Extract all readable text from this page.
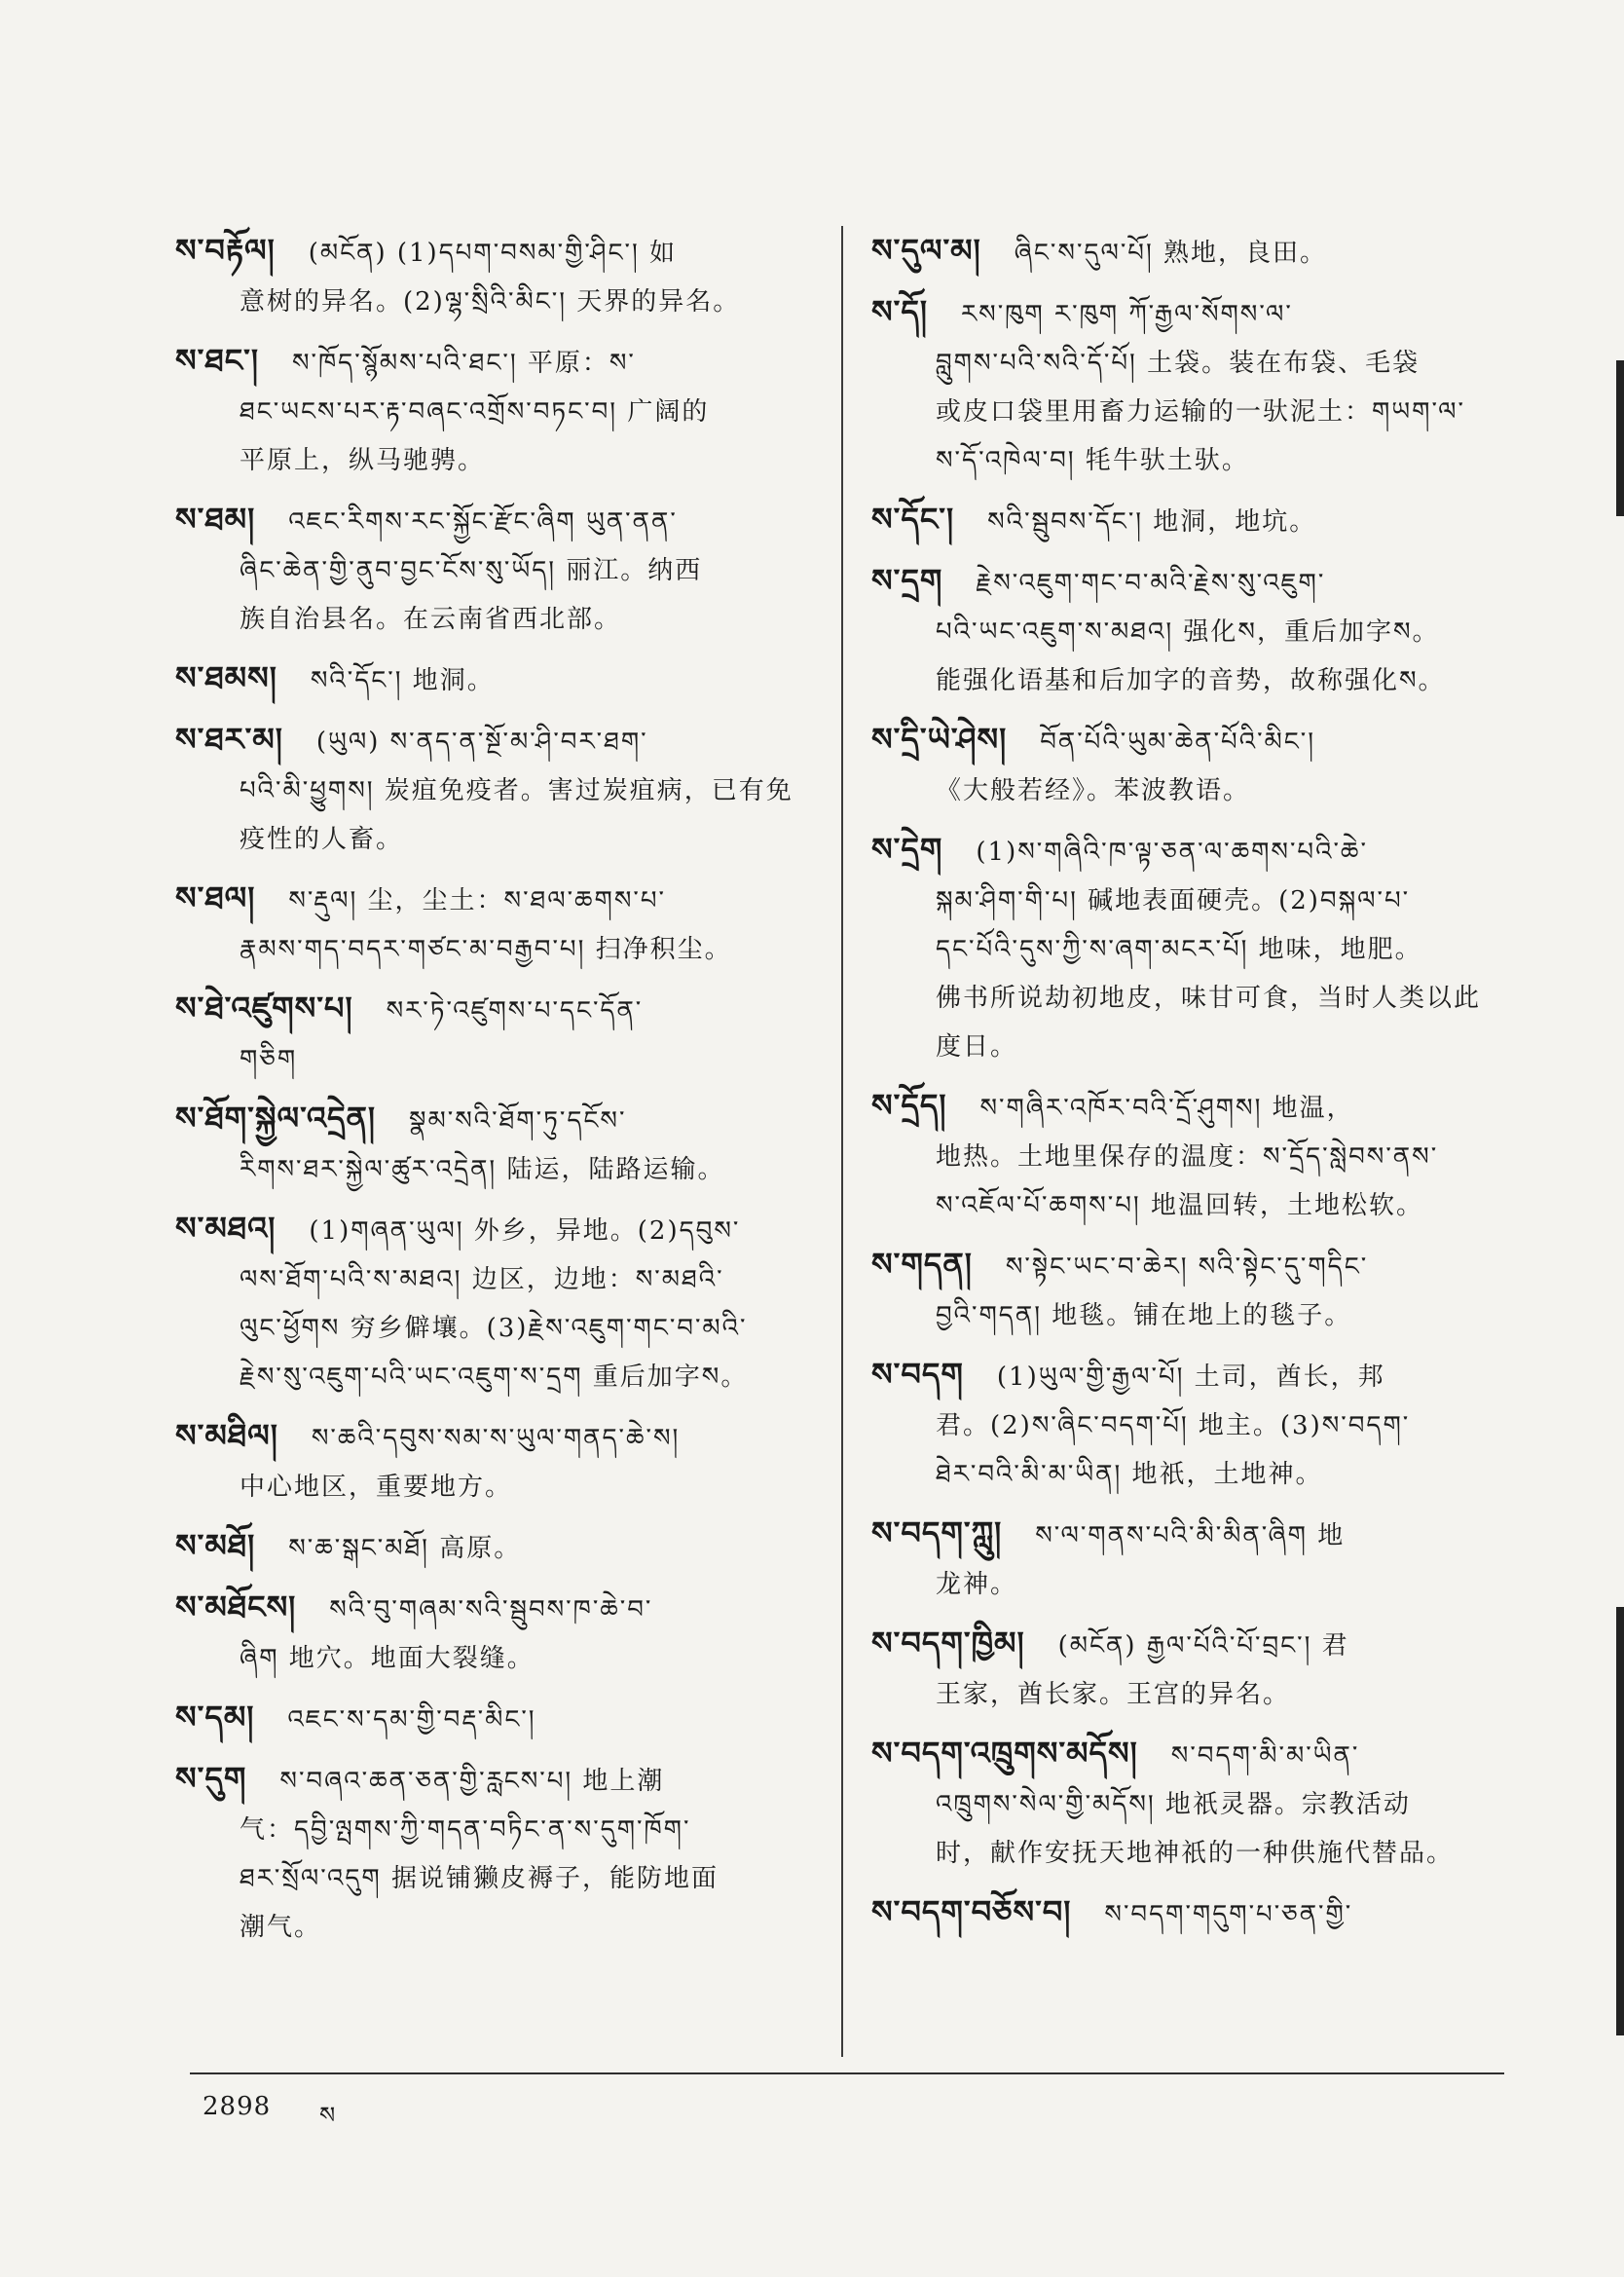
ས་བརྟོལ། (མངོན) (1)དཔག་བསམ་གྱི་ཤིང་། 如
意树的异名。(2)ལྷ་སྲིའི་མིང་། 天界的异名。
ས་ཐང་། ས་ཁོད་སྙོམས་པའི་ཐང་། 平原：ས་
ཐང་ཡངས་པར་རྟ་བཞང་འགྲོས་བཏང་བ། 广阔的
平原上，纵马驰骋。
ས་ཐམ། འཇང་རིགས་རང་སྐྱོང་རྫོང་ཞིག ཡུན་ནན་
ཞིང་ཆེན་གྱི་ནུབ་བྱང་ངོས་སུ་ཡོད། 丽江。纳西
族自治县名。在云南省西北部。
ས་ཐམས། སའི་དོང་། 地洞。
ས་ཐར་མ། (ཡུལ) ས་ནད་ན་སྔོ་མ་ཤི་བར་ཐག་
པའི་མི་ཕྱུགས། 炭疽免疫者。害过炭疽病，已有免
疫性的人畜。
ས་ཐལ། ས་རྡུལ། 尘，尘土：ས་ཐལ་ཆགས་པ་
རྣམས་གད་བདར་གཙང་མ་བརྒྱབ་པ། 扫净积尘。
ས་ཐེ་འཛུགས་པ། སར་ཏེ་འཛུགས་པ་དང་དོན་
གཅིག
ས་ཐོག་སྐྱེལ་འདྲེན། སྣམ་སའི་ཐོག་ཏུ་དངོས་
རིགས་ཐར་སྐྱེལ་ཚུར་འདྲེན། 陆运，陆路运输。
ས་མཐའ། (1)གཞན་ཡུལ། 外乡，异地。(2)དབུས་
ལས་ཐོག་པའི་ས་མཐའ། 边区，边地：ས་མཐའི་
ལུང་ཕྱོགས 穷乡僻壤。(3)རྗེས་འཇུག་གང་བ་མའི་
རྗེས་སུ་འཇུག་པའི་ཡང་འཇུག་ས་དྲག 重后加字ས。
ས་མཐིལ། ས་ཆའི་དབུས་སམ་ས་ཡུལ་གནད་ཆེ་ས།
中心地区，重要地方。
ས་མཐོ། ས་ཆ་སྒང་མཐོ། 高原。
ས་མཐོངས། སའི་བུ་གཞམ་སའི་སྦུབས་ཁ་ཆེ་བ་
ཞིག 地穴。地面大裂缝。
ས་དམ། འཇང་ས་དམ་གྱི་བརྡ་མིང་།
ས་དུག ས་བཞའ་ཆན་ཅན་གྱི་རླངས་པ། 地上潮
气：དབྱི་ལྤགས་ཀྱི་གདན་བཏིང་ན་ས་དུག་ཁོག་
ཐར་སྲོལ་འདུག 据说铺獭皮褥子，能防地面
潮气。
ས་དུལ་མ། ཞིང་ས་དུལ་པོ། 熟地，良田。
ས་དོ། རས་ཁུག ར་ཁུག ཀོ་རྒྱལ་སོགས་ལ་
བླུགས་པའི་སའི་དོ་པོ། 土袋。装在布袋、毛袋
或皮口袋里用畜力运输的一驮泥土：གཡག་ལ་
ས་དོ་འཁེལ་བ། 牦牛驮土驮。
ས་དོང་། སའི་སྦུབས་དོང་། 地洞，地坑。
ས་དྲག རྗེས་འཇུག་གང་བ་མའི་རྗེས་སུ་འཇུག་
པའི་ཡང་འཇུག་ས་མཐའ། 强化ས，重后加字ས。
能强化语基和后加字的音势，故称强化ས。
ས་དྲི་ཡེ་ཤེས། བོན་པོའི་ཡུམ་ཆེན་པོའི་མིང་།
《大般若经》。苯波教语。
ས་དྲེག (1)ས་གཞིའི་ཁ་ལྟ་ཅན་ལ་ཆགས་པའི་ཆེ་
སྐམ་ཤིག་གི་པ། 碱地表面硬壳。(2)བསྐལ་པ་
དང་པོའི་དུས་ཀྱི་ས་ཞག་མངར་པོ། 地味，地肥。
佛书所说劫初地皮，味甘可食，当时人类以此
度日。
ས་དྲོད། ས་གཞིར་འཁོར་བའི་དྲོ་ཤུགས། 地温，
地热。土地里保存的温度：ས་དྲོད་སླེབས་ནས་
ས་འཇོལ་པོ་ཆགས་པ། 地温回转，土地松软。
ས་གདན། ས་སྟེང་ཡང་བ་ཆེར། སའི་སྟེང་དུ་གདིང་
བྱའི་གདན། 地毯。铺在地上的毯子。
ས་བདག (1)ཡུལ་གྱི་རྒྱལ་པོ། 土司，酋长，邦
君。(2)ས་ཞིང་བདག་པོ། 地主。(3)ས་བདག་
ཐེར་བའི་མི་མ་ཡིན། 地祇，土地神。
ས་བདག་ཀླུ། ས་ལ་གནས་པའི་མི་མིན་ཞིག 地
龙神。
ས་བདག་ཁྱིམ། (མངོན) རྒྱལ་པོའི་པོ་བྲང་། 君
王家，酋长家。王宫的异名。
ས་བདག་འཁྲུགས་མདོས། ས་བདག་མི་མ་ཡིན་
འཁྲུགས་སེལ་གྱི་མདོས། 地祇灵器。宗教活动
时，献作安抚天地神祇的一种供施代替品。
ས་བདག་བཅོས་བ། ས་བདག་གདུག་པ་ཅན་གྱི་
2898 ས
